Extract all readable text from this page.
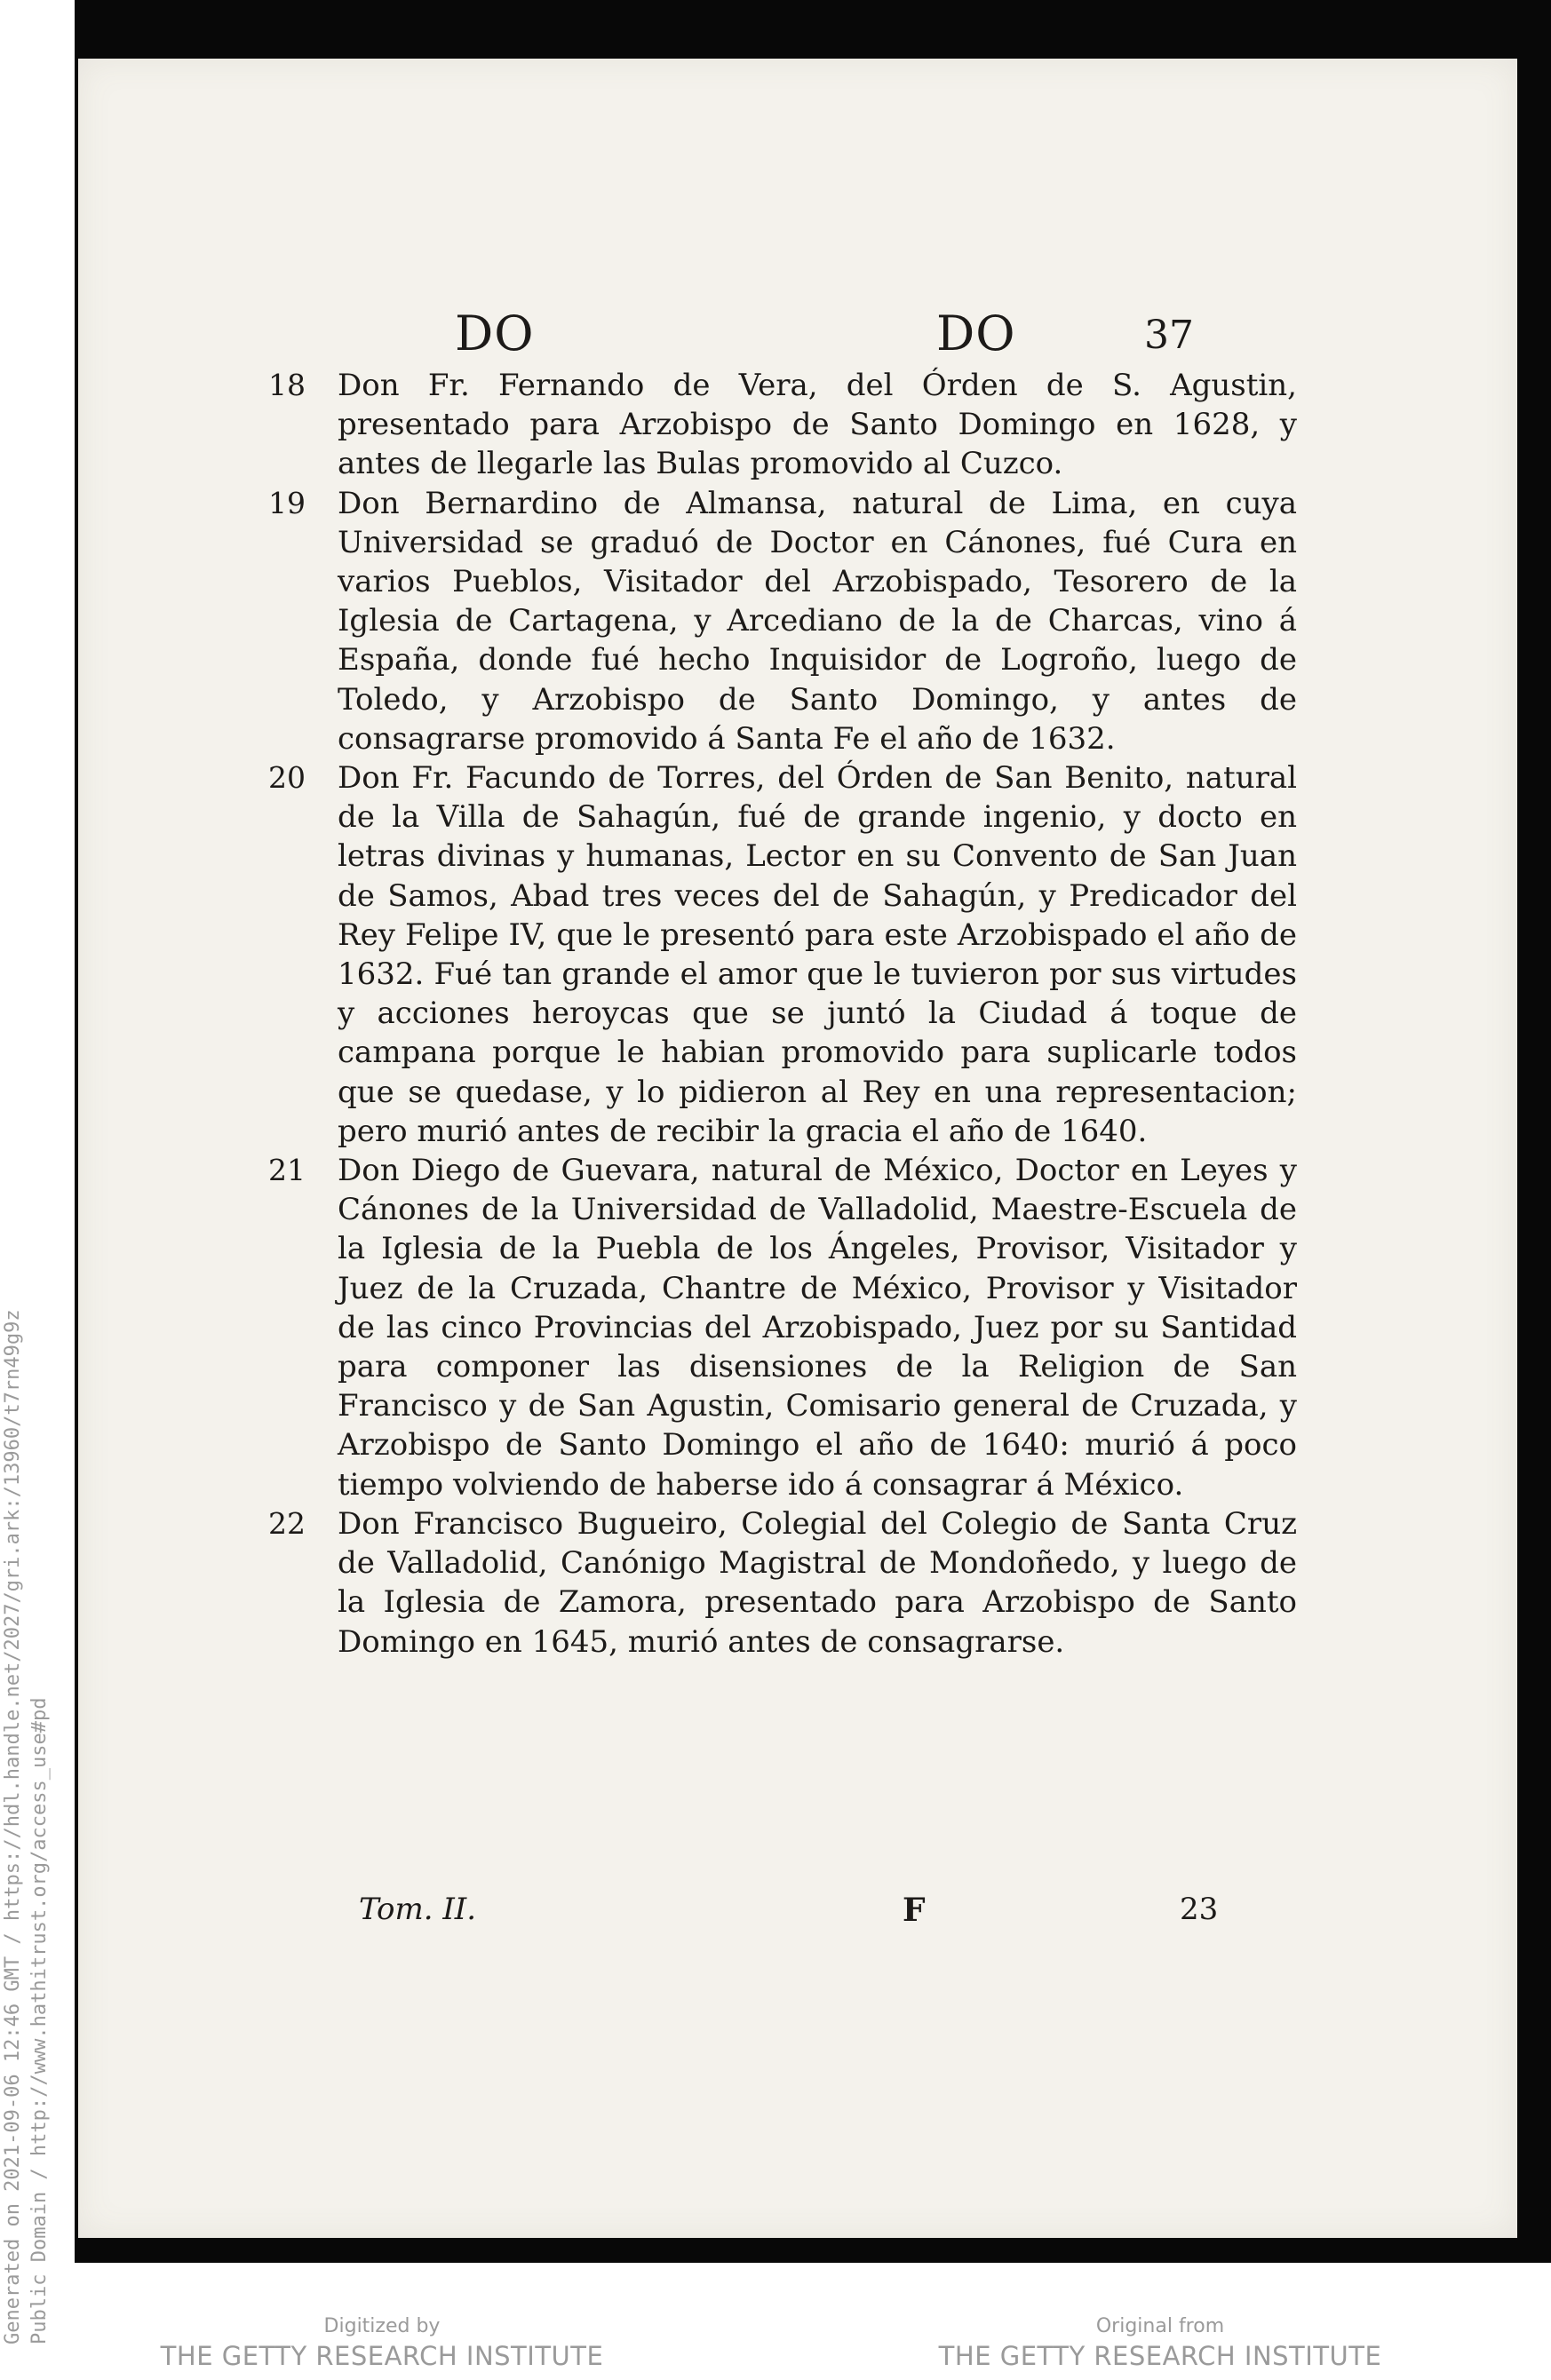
DO	DO	37
18 Don Fr. Fernando de Vera, del Órden de S. Agustin, presentado para Arzobispo de Santo Domingo en 1628, y antes de llegarle las Bulas promovido al Cuzco.
19 Don Bernardino de Almansa, natural de Lima, en cuya Universidad se graduó de Doctor en Cánones, fué Cura en varios Pueblos, Visitador del Arzobispado, Tesorero de la Iglesia de Cartagena, y Arcediano de la de Charcas, vino á España, donde fué hecho Inquisidor de Logroño, luego de Toledo, y Arzobispo de Santo Domingo, y antes de consagrarse promovido á Santa Fe el año de 1632.
20 Don Fr. Facundo de Torres, del Órden de San Benito, natural de la Villa de Sahagún, fué de grande ingenio, y docto en letras divinas y humanas, Lector en su Convento de San Juan de Samos, Abad tres veces del de Sahagún, y Predicador del Rey Felipe IV, que le presentó para este Arzobispado el año de 1632. Fué tan grande el amor que le tuvieron por sus virtudes y acciones heroycas que se juntó la Ciudad á toque de campana porque le habian promovido para suplicarle todos que se quedase, y lo pidieron al Rey en una representacion; pero murió antes de recibir la gracia el año de 1640.
21 Don Diego de Guevara, natural de México, Doctor en Leyes y Cánones de la Universidad de Valladolid, Maestre-Escuela de la Iglesia de la Puebla de los Ángeles, Provisor, Visitador y Juez de la Cruzada, Chantre de México, Provisor y Visitador de las cinco Provincias del Arzobispado, Juez por su Santidad para componer las disensiones de la Religion de San Francisco y de San Agustin, Comisario general de Cruzada, y Arzobispo de Santo Domingo el año de 1640: murió á poco tiempo volviendo de haberse ido á consagrar á México.
22 Don Francisco Bugueiro, Colegial del Colegio de Santa Cruz de Valladolid, Canónigo Magistral de Mondoñedo, y luego de la Iglesia de Zamora, presentado para Arzobispo de Santo Domingo en 1645, murió antes de consagrarse.
Tom. II.	F	23
Generated on 2021-09-06 12:46 GMT / https://hdl.handle.net/2027/gri.ark:/13960/t7rn49g9z Public Domain / http://www.hathitrust.org/access_use#pd	Digitized by
THE GETTY RESEARCH INSTITUTE
Original from
THE GETTY RESEARCH INSTITUTE
